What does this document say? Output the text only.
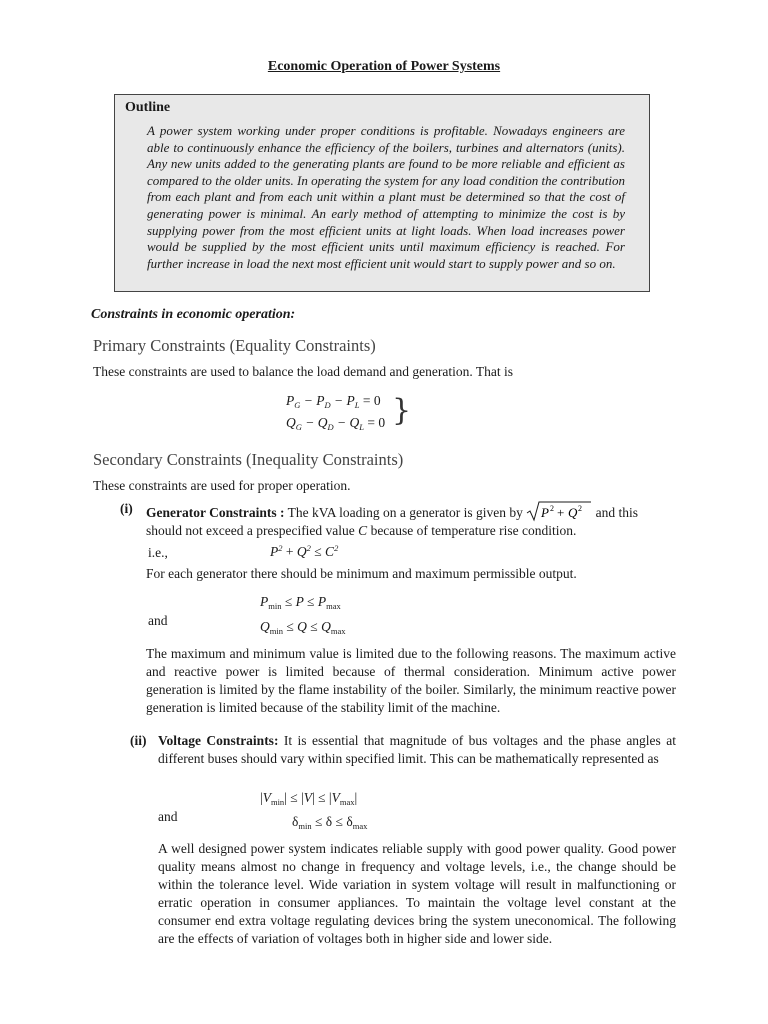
Economic Operation of Power Systems
Outline
A power system working under proper conditions is profitable. Nowadays engineers are able to continuously enhance the efficiency of the boilers, turbines and alternators (units). Any new units added to the generating plants are found to be more reliable and efficient as compared to the older units. In operating the system for any load condition the contribution from each plant and from each unit within a plant must be determined so that the cost of generating power is minimal. An early method of attempting to minimize the cost is by supplying power from the most efficient units at light loads. When load increases power would be supplied by the most efficient units until maximum efficiency is reached. For further increase in load the next most efficient unit would start to supply power and so on.
Constraints in economic operation:
Primary Constraints (Equality Constraints)
These constraints are used to balance the load demand and generation. That is
$P_G - P_D - P_L = 0$
$Q_G - Q_D - Q_L = 0$ }
Secondary Constraints (Inequality Constraints)
These constraints are used for proper operation.
(i) Generator Constraints : The kVA loading on a generator is given by P 2 + Q 2 and this
should not exceed a prespecified value C because of temperature rise condition.
i.e.,	$P^2 + Q^2 \le C^2$
For each generator there should be minimum and maximum permissible output.
$P_{min} \le P \le P_{max}$
and	$Q_{min} \le Q \le Q_{max}$
The maximum and minimum value is limited due to the following reasons. The maximum active and reactive power is limited because of thermal consideration. Minimum active power generation is limited by the flame instability of the boiler. Similarly, the minimum reactive power generation is limited because of the stability limit of the machine.
(ii) Voltage Constraints: It is essential that magnitude of bus voltages and the phase angles at different buses should vary within specified limit. This can be mathematically represented as
$|V_{min}| \le |V| \le |V_{max}|$
and	$\delta_{min} \le \delta \le \delta_{max}$
A well designed power system indicates reliable supply with good power quality. Good power quality means almost no change in frequency and voltage levels, i.e., the change should be within the tolerance level. Wide variation in system voltage will result in malfunctioning or erratic operation in consumer appliances. To maintain the voltage level constant at the consumer end extra voltage regulating devices bring the system uneconomical. The following are the effects of variation of voltages both in higher side and lower side.
